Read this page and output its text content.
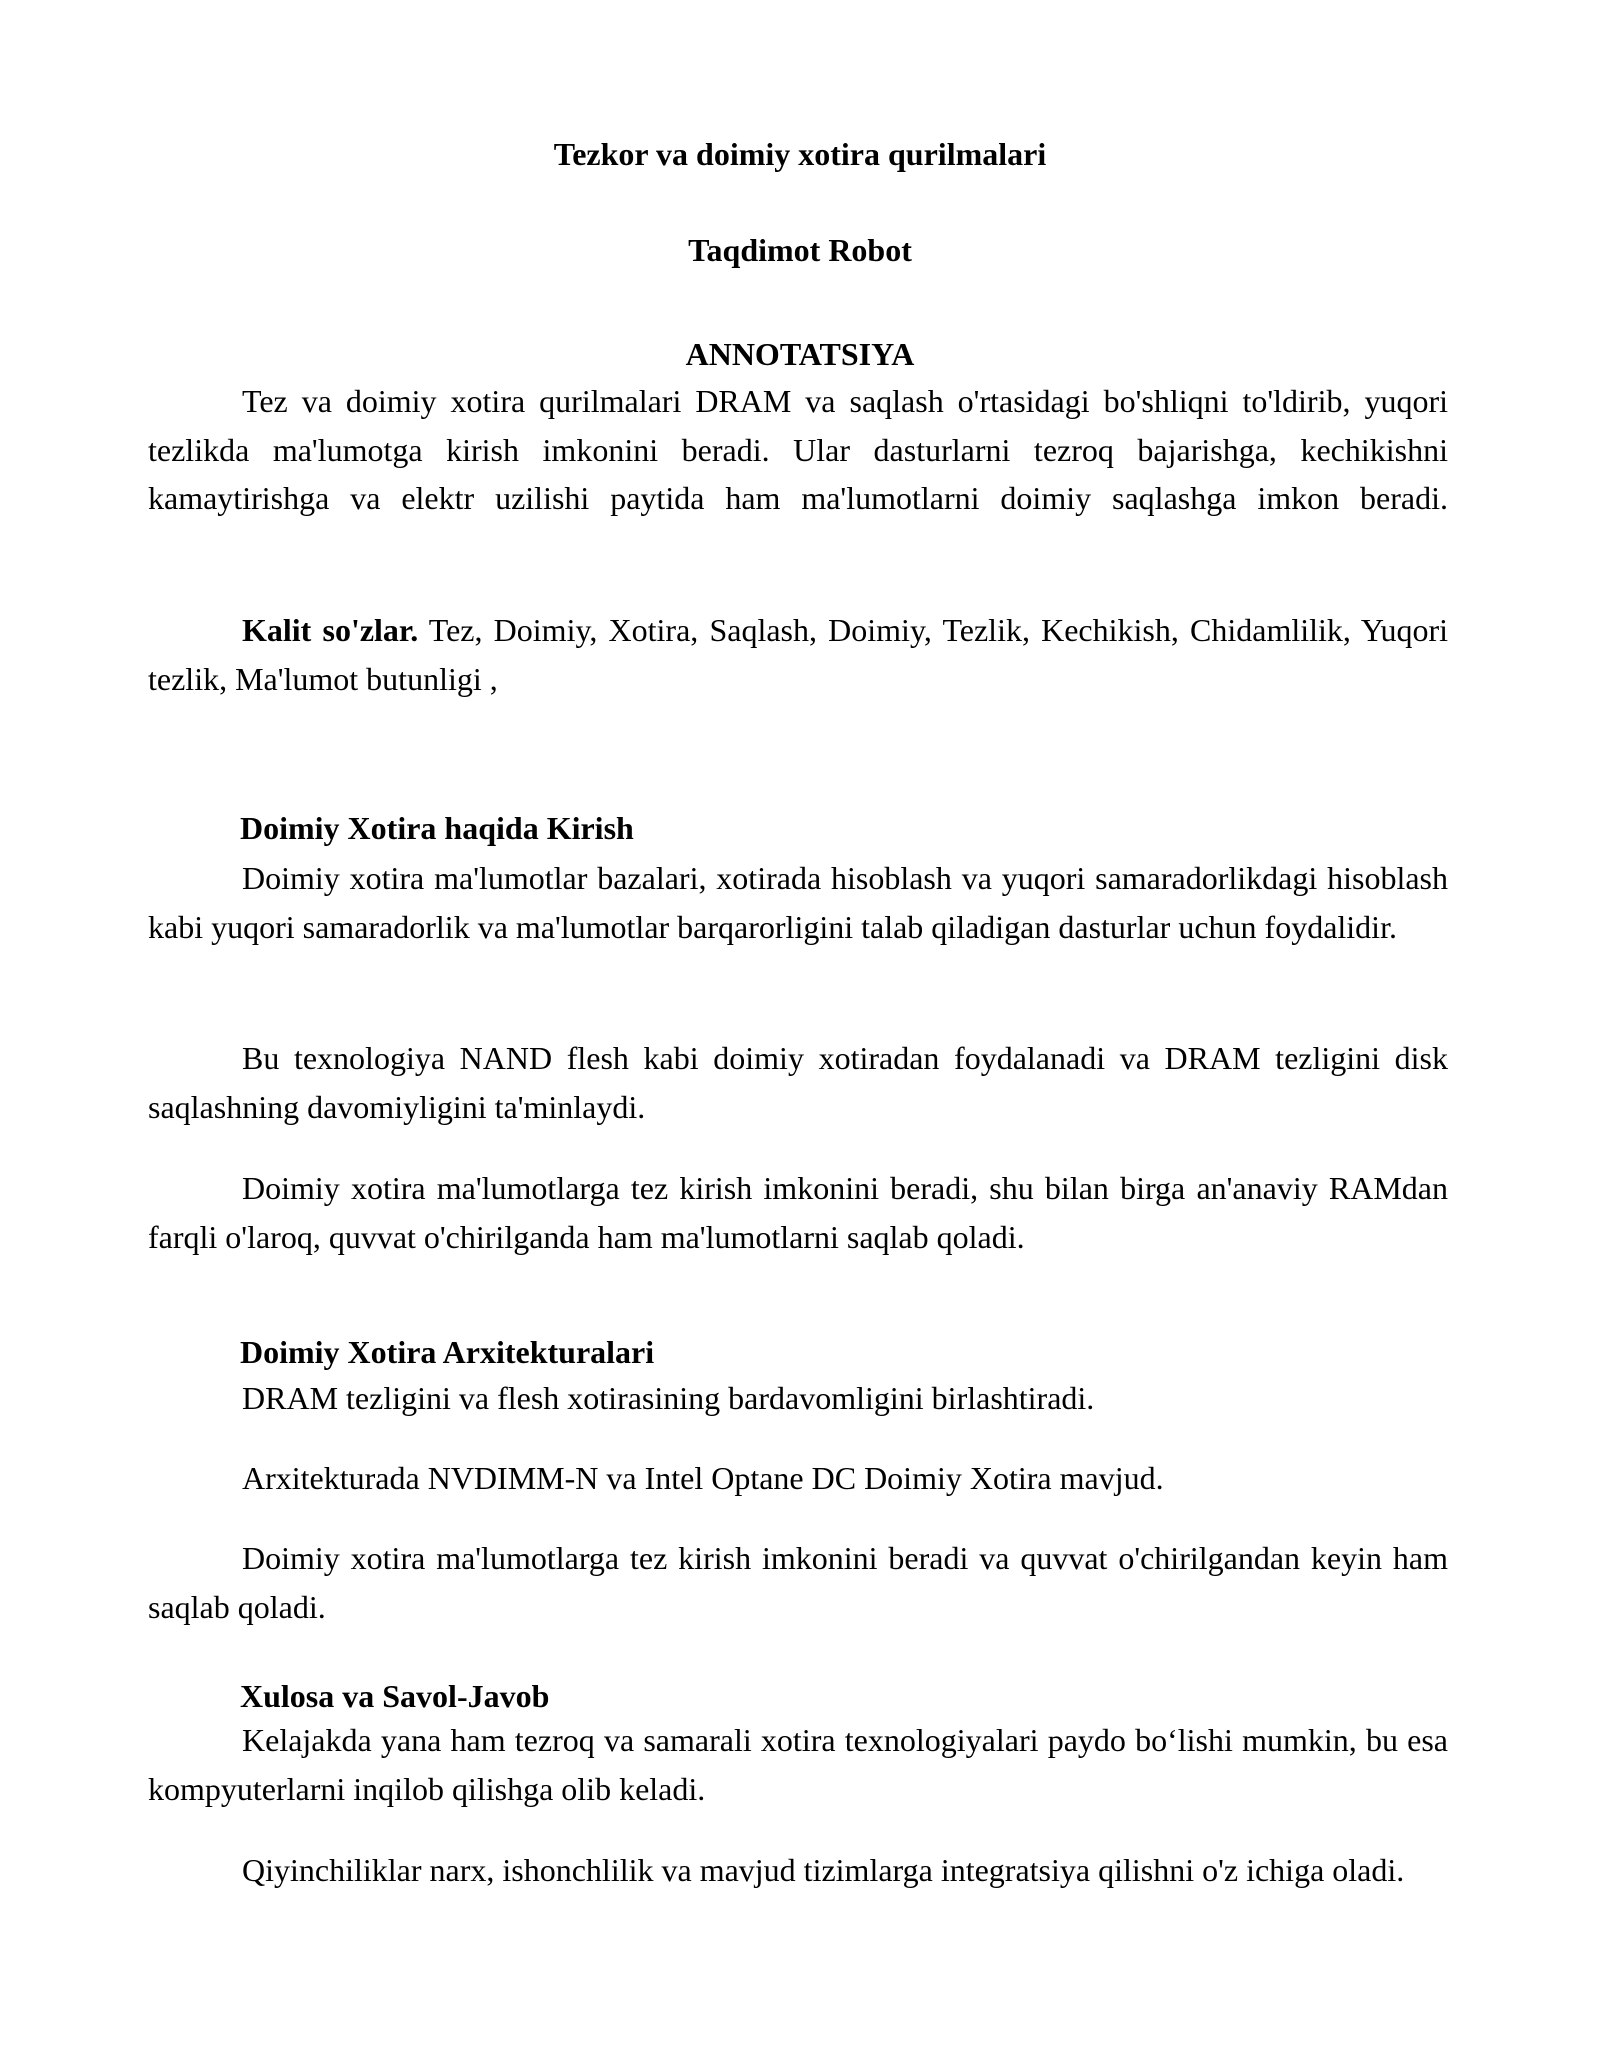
Tezkor va doimiy xotira qurilmalari
Taqdimot Robot
ANNOTATSIYA

Tez va doimiy xotira qurilmalari DRAM va saqlash o'rtasidagi bo'shliqni to'ldirib, yuqori tezlikda ma'lumotga kirish imkonini beradi. Ular dasturlarni tezroq bajarishga, kechikishni kamaytirishga va elektr uzilishi paytida ham ma'lumotlarni doimiy saqlashga imkon beradi.

Kalit so'zlar. Tez, Doimiy, Xotira, Saqlash, Doimiy, Tezlik, Kechikish, Chidamlilik, Yuqori tezlik, Ma'lumot butunligi ,

Doimiy Xotira haqida Kirish

Doimiy xotira ma'lumotlar bazalari, xotirada hisoblash va yuqori samaradorlikdagi hisoblash kabi yuqori samaradorlik va ma'lumotlar barqarorligini talab qiladigan dasturlar uchun foydalidir.

Bu texnologiya NAND flesh kabi doimiy xotiradan foydalanadi va DRAM tezligini disk saqlashning davomiyligini ta'minlaydi.

Doimiy xotira ma'lumotlarga tez kirish imkonini beradi, shu bilan birga an'anaviy RAMdan farqli o'laroq, quvvat o'chirilganda ham ma'lumotlarni saqlab qoladi.

Doimiy Xotira Arxitekturalari

DRAM tezligini va flesh xotirasining bardavomligini birlashtiradi.

Arxitekturada NVDIMM-N va Intel Optane DC Doimiy Xotira mavjud.

Doimiy xotira ma'lumotlarga tez kirish imkonini beradi va quvvat o'chirilgandan keyin ham saqlab qoladi.

Xulosa va Savol-Javob

Kelajakda yana ham tezroq va samarali xotira texnologiyalari paydo bo‘lishi mumkin, bu esa kompyuterlarni inqilob qilishga olib keladi.

Qiyinchiliklar narx, ishonchlilik va mavjud tizimlarga integratsiya qilishni o'z ichiga oladi.
